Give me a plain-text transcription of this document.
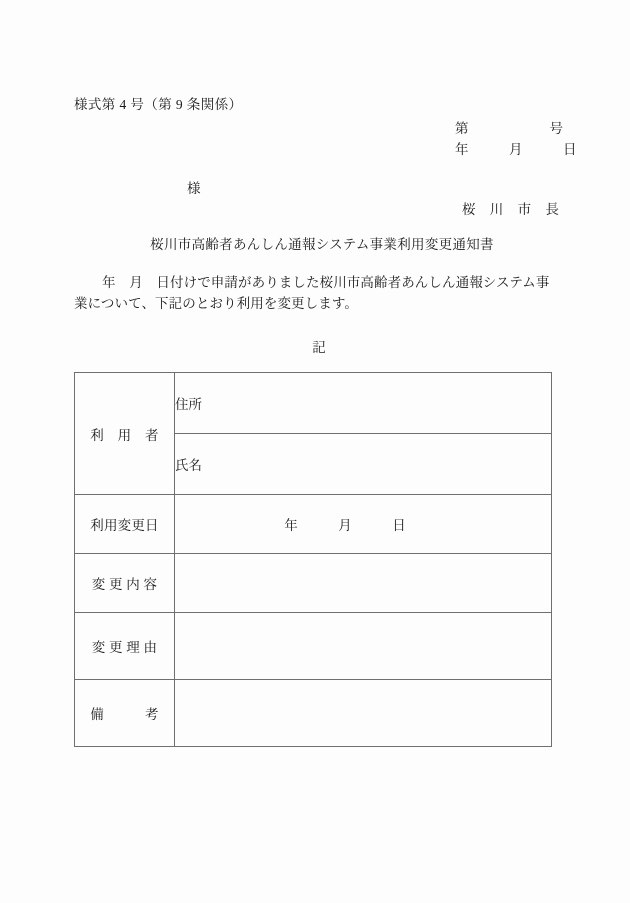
様式第 4 号（第 9 条関係）
第　　　　　　号
年　　　月　　　日
様
桜　川　市　長
桜川市高齢者あんしん通報システム事業利用変更通知書
年　月　日付けで申請がありました桜川市高齢者あんしん通報システム事業について、下記のとおり利用を変更します。
記
利　用　者	住所
	氏名
利用変更日	年　　　月　　　日
変 更 内 容	
変 更 理 由	
備　　　考	
